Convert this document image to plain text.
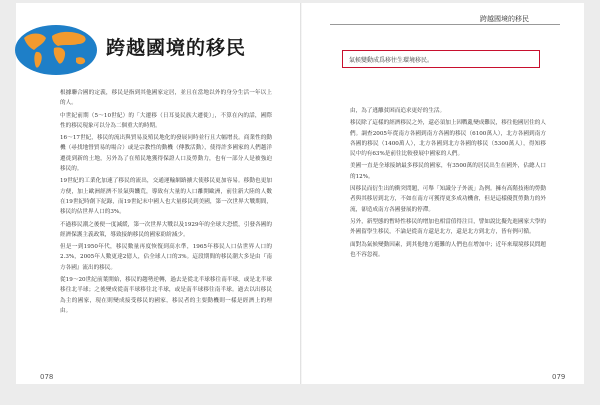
跨越國境的移民
跨越國境的移民
氣候變動成爲移往生環境移民。

根據聯合國的定義，移民是指到其他國家定居，並且在當地以外的身分生活一年以上的人。

中世紀前期（5～10世紀）的「大遷移（日耳曼民族大遷徙）」，不算在內的話，國際性的移民現象可以分為二個重大的時期。

16～17世紀，移民的流出與貿易及殖民地化的發展同時並行且大幅增長。商業性的動機（尋找地營貿易的場合）或是宗教性的動機（傳教活動），使得許多國家的人們越洋遷徙到新的土地，另外為了在殖民地獲得保證人口及勞動力，也有一部分人是被強迫移民的。

19世紀的工業化加速了移民的流出，交通運輸網路擴大使移民更加容易。移動也更加方便，加上歐洲經濟不景氣與饑荒，導致有大量的人口離開歐洲，前往新大陸的人數在19世紀時創下紀錄，而19世紀末中國人也大量移民到美國，第一次世界大戰期間，移民約佔世界人口的3%。

不過移民潮之後便一度減緩，第一次世界大戰以及1929年的全球大恐慌，引發各國的經濟保護主義政策，導致接納移民的國家紛紛減少。

但是一到1950年代，移民數量再度恢復到高水準，1965年移民人口佔世界人口的2.3%，2005年人數更達2億人，佔全球人口的3%。這段期間的移民潮大多是由『南方各國』流出的移民。

從19～20世紀前葉開始，移民的趨勢逆轉，過去是從北半球移往南半球，或是北半球移往北半球；之後變成從南半球移往北半球，或是南半球移往南半球。過去以出移民為主的國家，現在則變成接受移民的國家，移民者的主要動機則一樣是經濟上的理由。

由，為了逃離貧困而追求更好的生活。

移民除了這樣的經濟移民之外，還必須加上因戰亂變成難民，移往他國居住的人們。調查2005年從南方各國到南方各國的移民（6100萬人），北方各國到南方各國的移民（1400萬人），北方各國到北方各國的移民（5300萬人），得知移民中約有63%是前往比較發展中國家的人們。

美國一直是全球接納最多移民的國家，有3500萬的居民出生在國外，佔總人口的12%。

因移民而衍生出的衝突問題，可舉「知識分子外流」為例。擁有高階技術的勞動者與其移居到北方，不如在南方可獲得更多成功機會，但是這樣優質勞動力的外流，卻造成南方各國發展的停滯。

另外，新型態的暫時性移民的增加也相當值得注目，譬如說比擬先進國家大學的外國留學生移民，不論是從南方還是北方，還是北方到北方，皆有例可循。

面對為氣候變動因素，到其他地方避難的人們也在增加中；近年來環境移民問題也不容忽視。

078	079
